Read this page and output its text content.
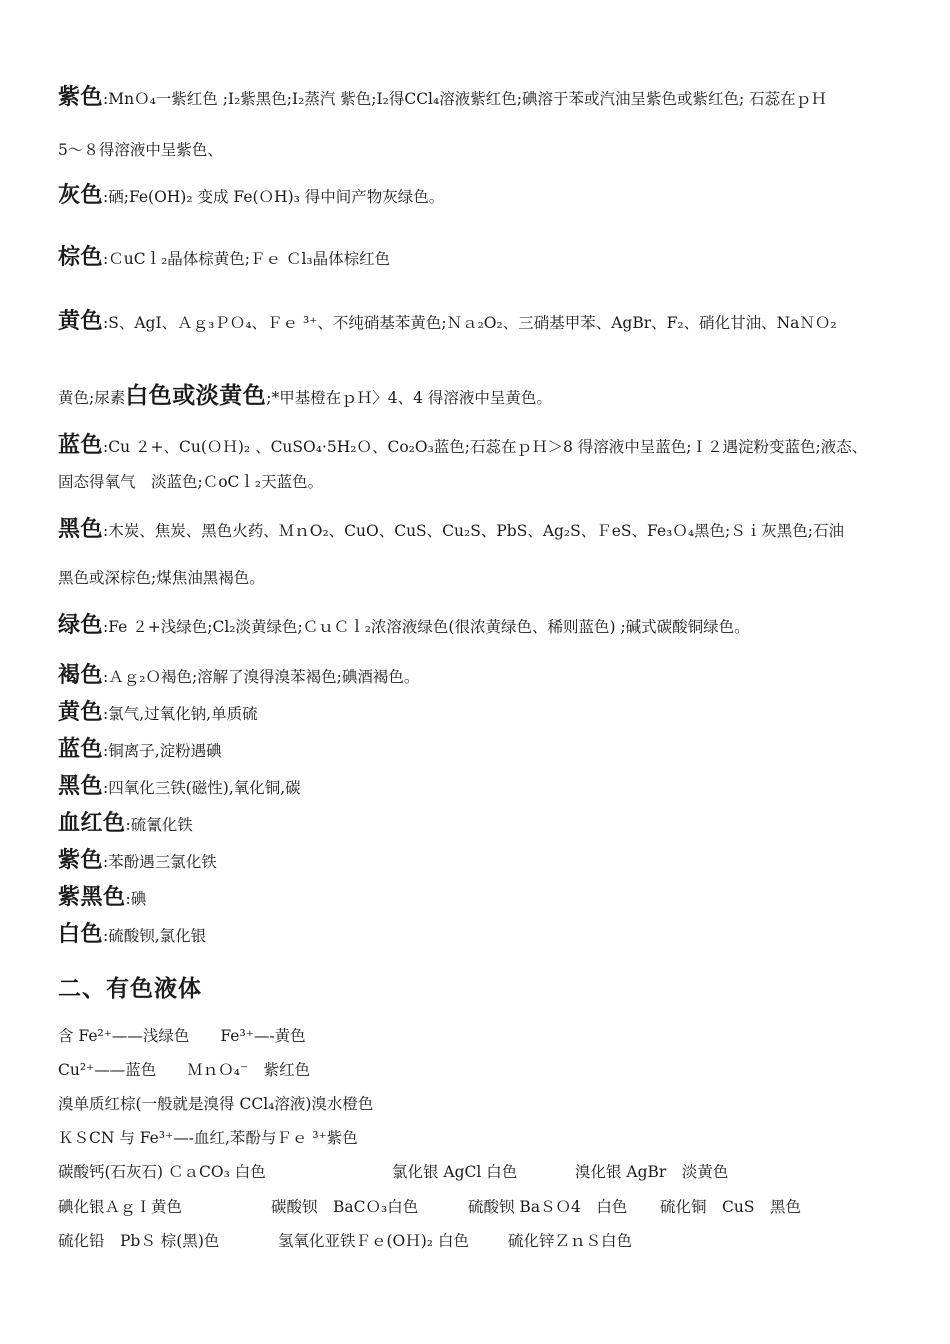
紫色:MnＯ₄一紫红色 ;I₂紫黑色;I₂蒸汽 紫色;I₂得CCl₄溶液紫红色;碘溶于苯或汽油呈紫色或紫红色; 石蕊在ｐＨ
5～８得溶液中呈紫色、
灰色:硒;Fe(OH)₂ 变成 Fe(ＯH)₃ 得中间产物灰绿色。
棕色:ＣuCｌ₂晶体棕黄色;Ｆｅ Ｃl₃晶体棕红色
黄色:S、AgI、Ａｇ₃ＰＯ₄、Ｆｅ ³⁺、不纯硝基苯黄色;Ｎａ₂O₂、三硝基甲苯、AgBr、F₂、硝化甘油、NaＮＯ₂
黄色;尿素白色或淡黄色;*甲基橙在ｐＨ〉4、4 得溶液中呈黄色。
蓝色:Cu ２+、Cu(ＯＨ)₂ 、CuSO₄·5H₂Ｏ、Co₂O₃蓝色;石蕊在ｐＨ＞8 得溶液中呈蓝色;Ｉ２遇淀粉变蓝色;液态、
固态得氧气　淡蓝色;ＣoCｌ₂天蓝色。
黑色:木炭、焦炭、黑色火药、ＭｎO₂、CuO、CuS、Cu₂S、PbS、Ag₂S、ＦeS、Fe₃Ｏ₄黑色;Ｓｉ灰黑色;石油
黑色或深棕色;煤焦油黑褐色。
绿色:Fe ２+浅绿色;Cl₂淡黄绿色;ＣｕＣｌ₂浓溶液绿色(很浓黄绿色、稀则蓝色) ;碱式碳酸铜绿色。
褐色:Ａｇ₂Ｏ褐色;溶解了溴得溴苯褐色;碘酒褐色。
黄色:氯气,过氧化钠,单质硫
蓝色:铜离子,淀粉遇碘
黑色:四氧化三铁(磁性),氧化铜,碳
血红色:硫氰化铁
紫色:苯酚遇三氯化铁
紫黑色:碘
白色:硫酸钡,氯化银
二、有色液体
含 Fe²⁺——浅绿色　　Fe³⁺—-黄色
Cu²⁺——蓝色　　ＭｎＯ₄⁻　紫红色
溴单质红棕(一般就是溴得 CCl₄溶液)溴水橙色
ＫＳCN 与 Fe³⁺—-血红,苯酚与Ｆｅ ³⁺紫色
碳酸钙(石灰石) ＣａCO₃ 白色	氯化银 AgCl 白色	溴化银 AgBr　淡黄色
碘化银ＡｇＩ黄色	碳酸钡　BaCＯ₃白色	硫酸钡 BaＳＯ4　白色 硫化铜　CuS　黑色
硫化铅　PbＳ 棕(黑)色	氢氧化亚铁Ｆｅ(OＨ)₂ 白色	硫化锌ＺｎＳ白色
